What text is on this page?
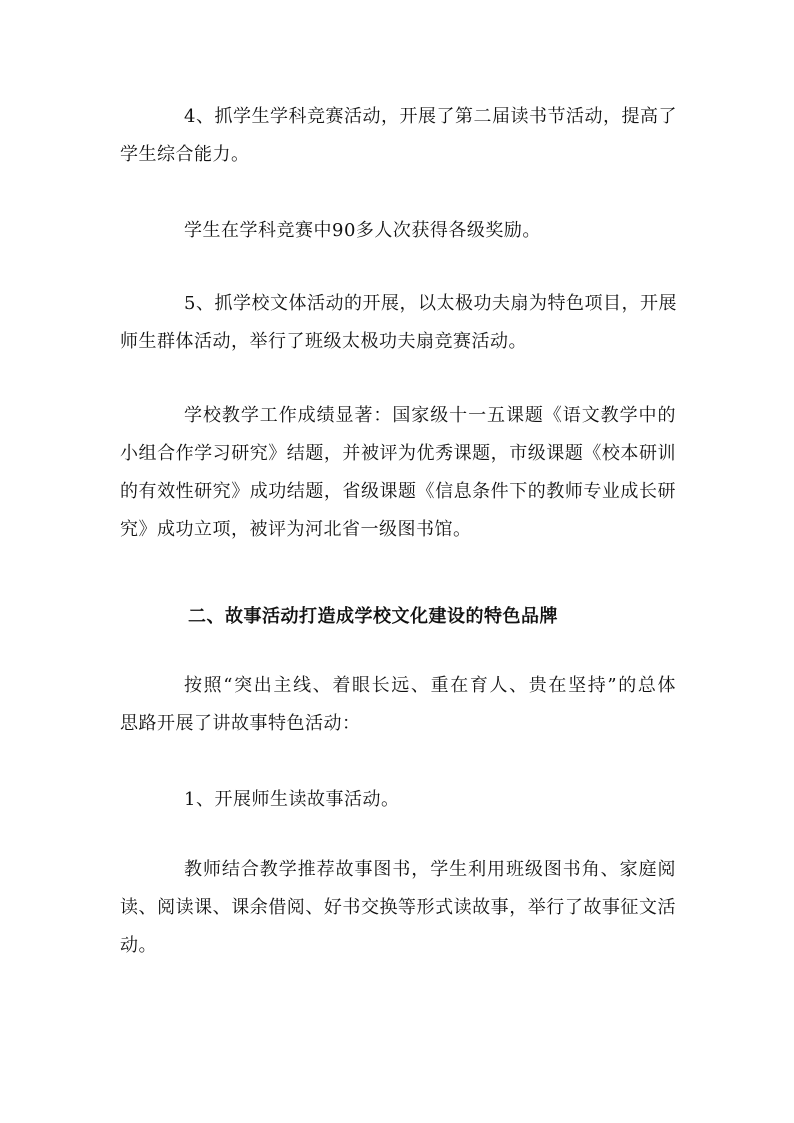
4、抓学生学科竞赛活动，开展了第二届读书节活动，提高了
学生综合能力。
学生在学科竞赛中90多人次获得各级奖励。
5、抓学校文体活动的开展，以太极功夫扇为特色项目，开展
师生群体活动，举行了班级太极功夫扇竞赛活动。
学校教学工作成绩显著：国家级十一五课题《语文教学中的
小组合作学习研究》结题，并被评为优秀课题，市级课题《校本研训
的有效性研究》成功结题，省级课题《信息条件下的教师专业成长研
究》成功立项，被评为河北省一级图书馆。
二、故事活动打造成学校文化建设的特色品牌
按照“突出主线、着眼长远、重在育人、贵在坚持”的总体
思路开展了讲故事特色活动：
1、开展师生读故事活动。
教师结合教学推荐故事图书，学生利用班级图书角、家庭阅
读、阅读课、课余借阅、好书交换等形式读故事，举行了故事征文活
动。
